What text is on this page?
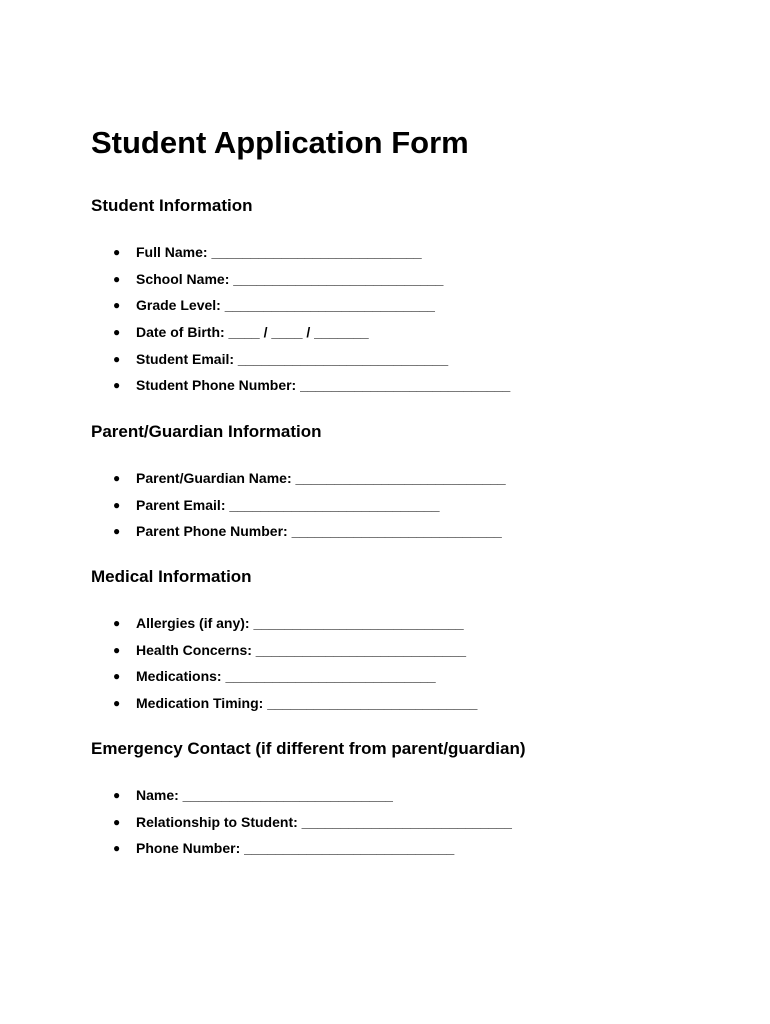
Student Application Form
Student Information
● Full Name: ___________________________
● School Name: ___________________________
● Grade Level: ___________________________
● Date of Birth: ____ / ____ / _______
● Student Email: ___________________________
● Student Phone Number: ___________________________
Parent/Guardian Information
● Parent/Guardian Name: ___________________________
● Parent Email: ___________________________
● Parent Phone Number: ___________________________
Medical Information
● Allergies (if any): ___________________________
● Health Concerns: ___________________________
● Medications: ___________________________
● Medication Timing: ___________________________
Emergency Contact (if different from parent/guardian)
● Name: ___________________________
● Relationship to Student: ___________________________
● Phone Number: ___________________________
